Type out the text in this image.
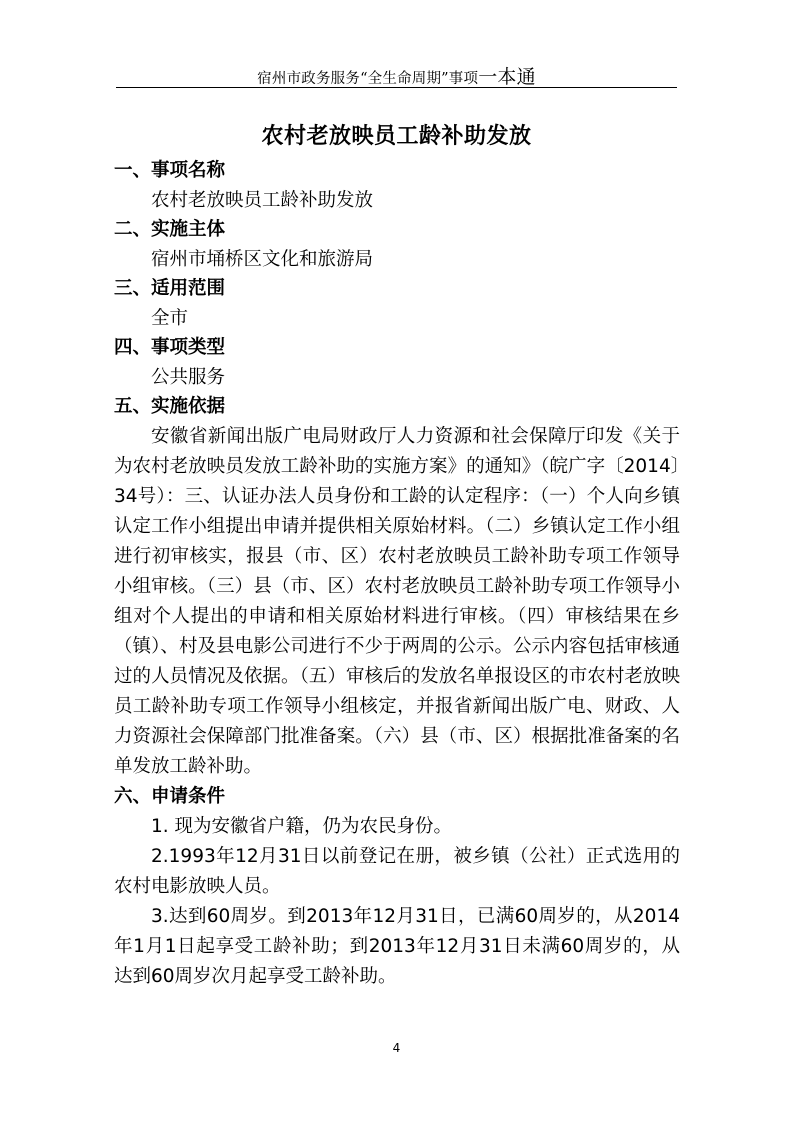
宿州市政务服务“全生命周期”事项一本通
农村老放映员工龄补助发放

一、事项名称

农村老放映员工龄补助发放

二、实施主体

宿州市埇桥区文化和旅游局

三、适用范围

全市

四、事项类型

公共服务

五、实施依据

安徽省新闻出版广电局财政厅人力资源和社会保障厅印发《关于为农村老放映员发放工龄补助的实施方案》的通知》（皖广字〔2014〕34号）：三、认证办法人员身份和工龄的认定程序：（一）个人向乡镇认定工作小组提出申请并提供相关原始材料。（二）乡镇认定工作小组进行初审核实，报县（市、区）农村老放映员工龄补助专项工作领导小组审核。（三）县（市、区）农村老放映员工龄补助专项工作领导小组对个人提出的申请和相关原始材料进行审核。（四）审核结果在乡（镇）、村及县电影公司进行不少于两周的公示。公示内容包括审核通过的人员情况及依据。（五）审核后的发放名单报设区的市农村老放映员工龄补助专项工作领导小组核定，并报省新闻出版广电、财政、人力资源社会保障部门批准备案。（六）县（市、区）根据批准备案的名单发放工龄补助。

六、申请条件

1. 现为安徽省户籍，仍为农民身份。

2.1993年12月31日以前登记在册，被乡镇（公社）正式选用的农村电影放映人员。

3.达到60周岁。到2013年12月31日，已满60周岁的，从2014年1月1日起享受工龄补助；到2013年12月31日未满60周岁的，从达到60周岁次月起享受工龄补助。

4
